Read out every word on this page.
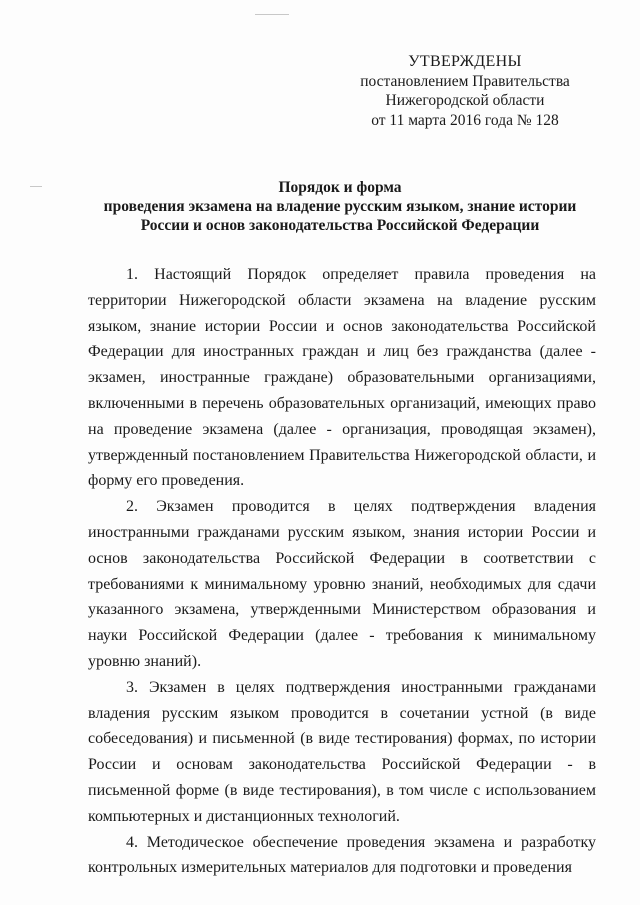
УТВЕРЖДЕНЫ
постановлением Правительства
Нижегородской области
от 11 марта 2016 года № 128
Порядок и форма
проведения экзамена на владение русским языком, знание истории
России и основ законодательства Российской Федерации

1. Настоящий Порядок определяет правила проведения на территории Нижегородской области экзамена на владение русским языком, знание истории России и основ законодательства Российской Федерации для иностранных граждан и лиц без гражданства (далее - экзамен, иностранные граждане) образовательными организациями, включенными в перечень образовательных организаций, имеющих право на проведение экзамена (далее - организация, проводящая экзамен), утвержденный постановлением Правительства Нижегородской области, и форму его проведения.

2. Экзамен проводится в целях подтверждения владения иностранными гражданами русским языком, знания истории России и основ законодательства Российской Федерации в соответствии с требованиями к минимальному уровню знаний, необходимых для сдачи указанного экзамена, утвержденными Министерством образования и науки Российской Федерации (далее - требования к минимальному уровню знаний).

3. Экзамен в целях подтверждения иностранными гражданами владения русским языком проводится в сочетании устной (в виде собеседования) и письменной (в виде тестирования) формах, по истории России и основам законодательства Российской Федерации - в письменной форме (в виде тестирования), в том числе с использованием компьютерных и дистанционных технологий.

4. Методическое обеспечение проведения экзамена и разработку контрольных измерительных материалов для подготовки и проведения
